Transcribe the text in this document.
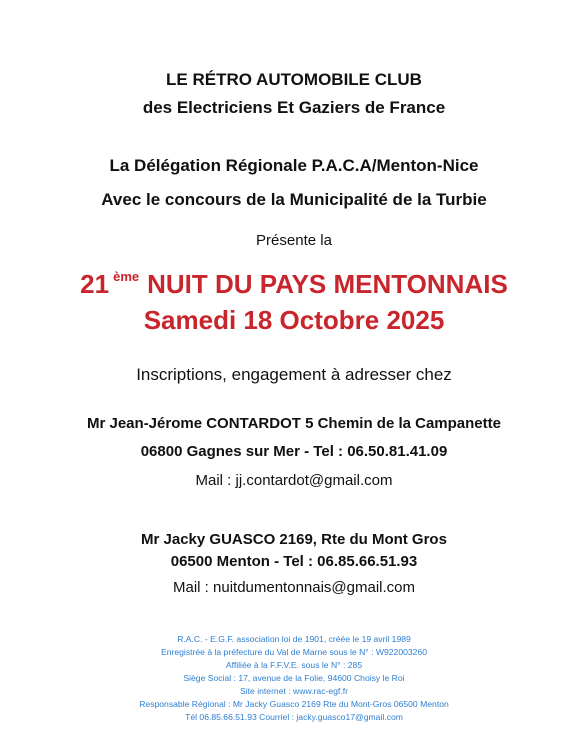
LE RÉTRO AUTOMOBILE CLUB
des Electriciens Et Gaziers de France
La Délégation Régionale P.A.C.A/Menton-Nice
Avec le concours de la Municipalité de la Turbie
Présente la
21 $^{ème}$ NUIT DU PAYS MENTONNAIS
Samedi 18 Octobre 2025
Inscriptions, engagement à adresser chez
Mr Jean-Jérome CONTARDOT 5 Chemin de la Campanette
06800 Gagnes sur Mer - Tel : 06.50.81.41.09
Mail : jj.contardot@gmail.com
Mr Jacky GUASCO 2169, Rte du Mont Gros
06500 Menton - Tel : 06.85.66.51.93
Mail : nuitdumentonnais@gmail.com
R.A.C. - E.G.F. association loi de 1901, créée le 19 avril 1989
Enregistrée à la préfecture du Val de Marne sous le N° : W922003260
Affiliée à la F.F.V.E. sous le N° : 285
Siège Social : 17, avenue de la Folie, 94600 Choisy le Roi
Site internet : www.rac-egf.fr
Responsable Régional : Mr Jacky Guasco 2169 Rte du Mont-Gros 06500 Menton
Tél 06.85.66.51.93 Courriel : jacky.guasco17@gmail.com
